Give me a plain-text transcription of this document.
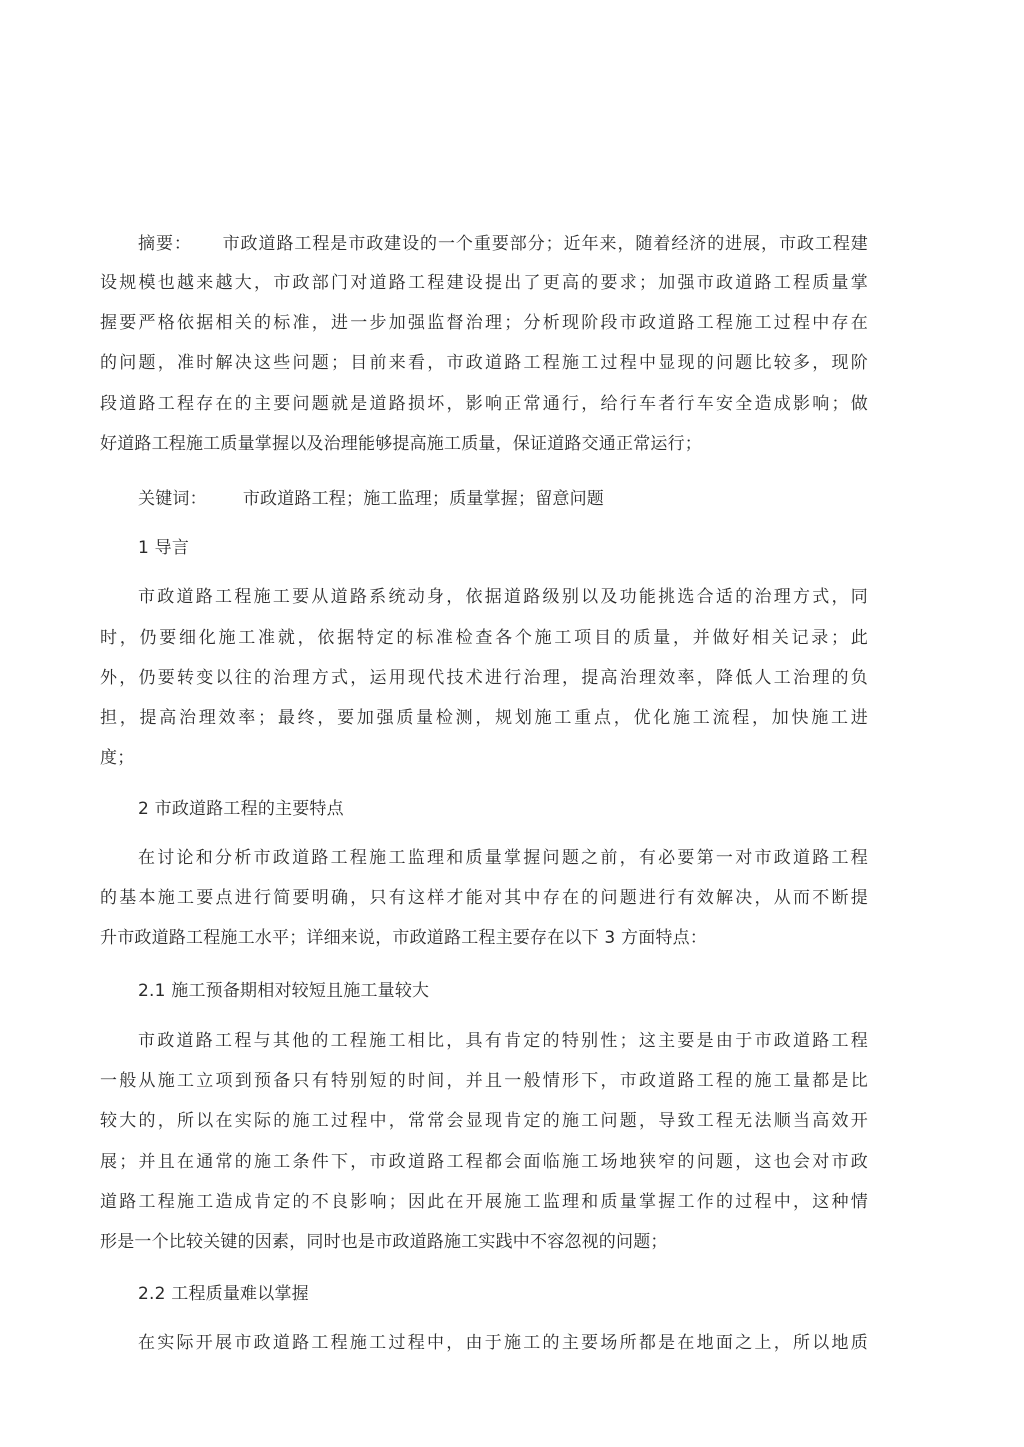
摘要： 市政道路工程是市政建设的一个重要部分；近年来，随着经济的进展，市政工程建
设规模也越来越大，市政部门对道路工程建设提出了更高的要求；加强市政道路工程质量掌
握要严格依据相关的标准，进一步加强监督治理；分析现阶段市政道路工程施工过程中存在
的问题，准时解决这些问题；目前来看，市政道路工程施工过程中显现的问题比较多，现阶
段道路工程存在的主要问题就是道路损坏，影响正常通行，给行车者行车安全造成影响；做
好道路工程施工质量掌握以及治理能够提高施工质量，保证道路交通正常运行；
关键词： 市政道路工程；施工监理；质量掌握；留意问题
1 导言
市政道路工程施工要从道路系统动身，依据道路级别以及功能挑选合适的治理方式，同
时，仍要细化施工准就，依据特定的标准检查各个施工项目的质量，并做好相关记录；此
外，仍要转变以往的治理方式，运用现代技术进行治理，提高治理效率，降低人工治理的负
担，提高治理效率；最终，要加强质量检测，规划施工重点，优化施工流程，加快施工进
度；
2 市政道路工程的主要特点
在讨论和分析市政道路工程施工监理和质量掌握问题之前，有必要第一对市政道路工程
的基本施工要点进行简要明确，只有这样才能对其中存在的问题进行有效解决，从而不断提
升市政道路工程施工水平；详细来说，市政道路工程主要存在以下 3 方面特点：
2.1 施工预备期相对较短且施工量较大
市政道路工程与其他的工程施工相比，具有肯定的特别性；这主要是由于市政道路工程
一般从施工立项到预备只有特别短的时间，并且一般情形下，市政道路工程的施工量都是比
较大的，所以在实际的施工过程中，常常会显现肯定的施工问题，导致工程无法顺当高效开
展；并且在通常的施工条件下，市政道路工程都会面临施工场地狭窄的问题，这也会对市政
道路工程施工造成肯定的不良影响；因此在开展施工监理和质量掌握工作的过程中，这种情
形是一个比较关键的因素，同时也是市政道路施工实践中不容忽视的问题；
2.2 工程质量难以掌握
在实际开展市政道路工程施工过程中，由于施工的主要场所都是在地面之上，所以地质
